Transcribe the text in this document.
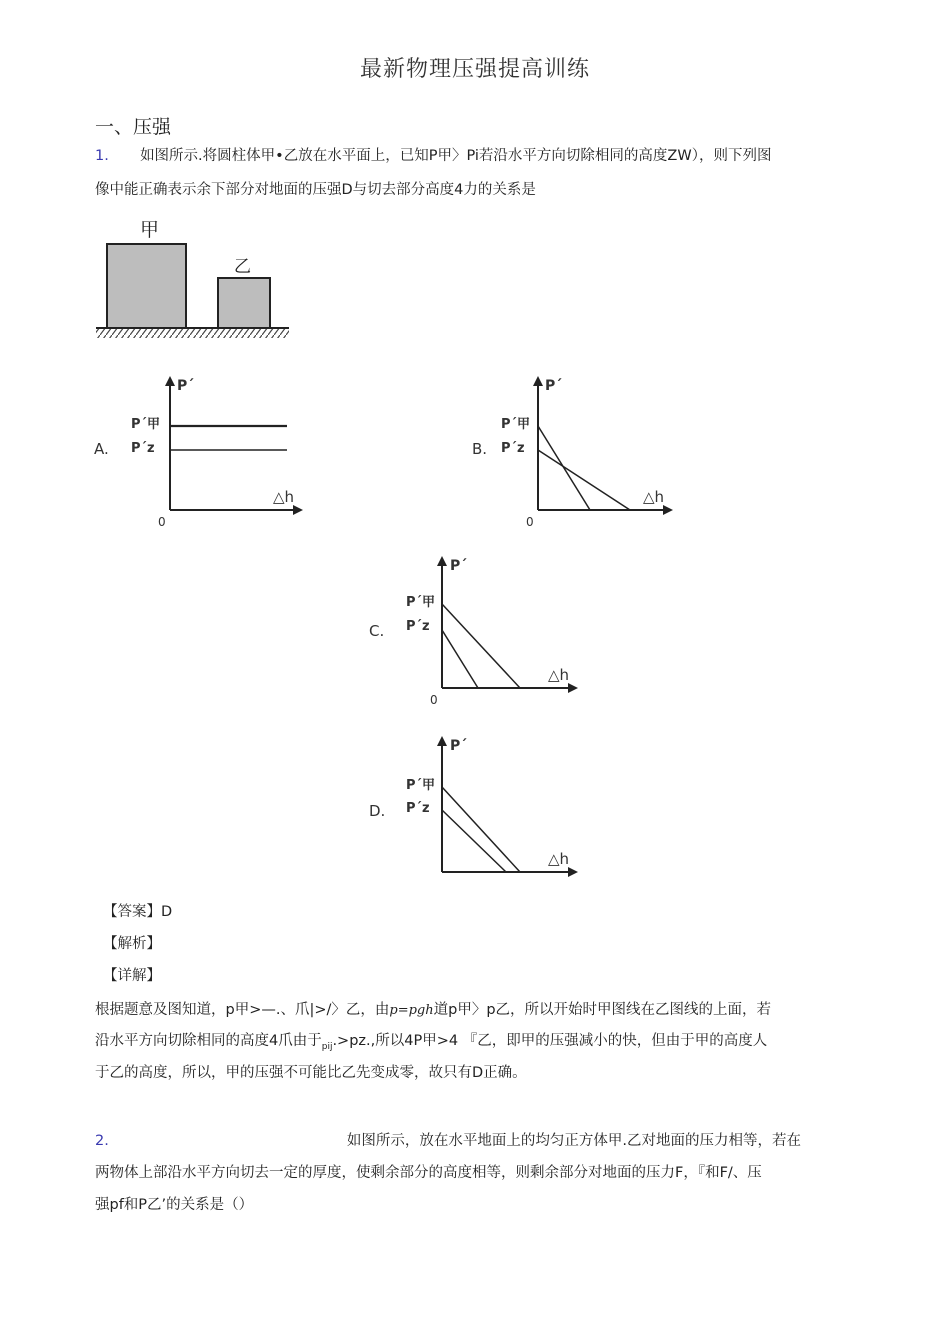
最新物理压强提高训练
一、压强
1. 如图所示.将圆柱体甲•乙放在水平面上，已知P甲〉Pi若沿水平方向切除相同的高度ZW），则下列图
像中能正确表示余下部分对地面的压强D与切去部分高度4力的关系是
甲
乙
A.
P´
P´甲
P´z
△h
0
B.
P´
P´甲
P´z
△h
0
C.
P´
P´甲
P´z
△h
0
D.
P´
P´甲
P´z
△h
【答案】D
【解析】
【详解】
根据题意及图知道，p甲>—.、爪|>/〉乙，由p=pgh道p甲〉p乙，所以开始时甲图线在乙图线的上面，若
沿水平方向切除相同的高度4爪由于$_{pij}$.>pz.,所以4P甲>4 『乙，即甲的压强减小的快，但由于甲的高度人
于乙的高度，所以，甲的压强不可能比乙先变成零，故只有D正确。
2.	如图所示，放在水平地面上的均匀正方体甲.乙对地面的压力相等，若在
两物体上部沿水平方向切去一定的厚度，使剩余部分的高度相等，则剩余部分对地面的压力F，『和F/、压
强pf和P乙’的关系是（）
